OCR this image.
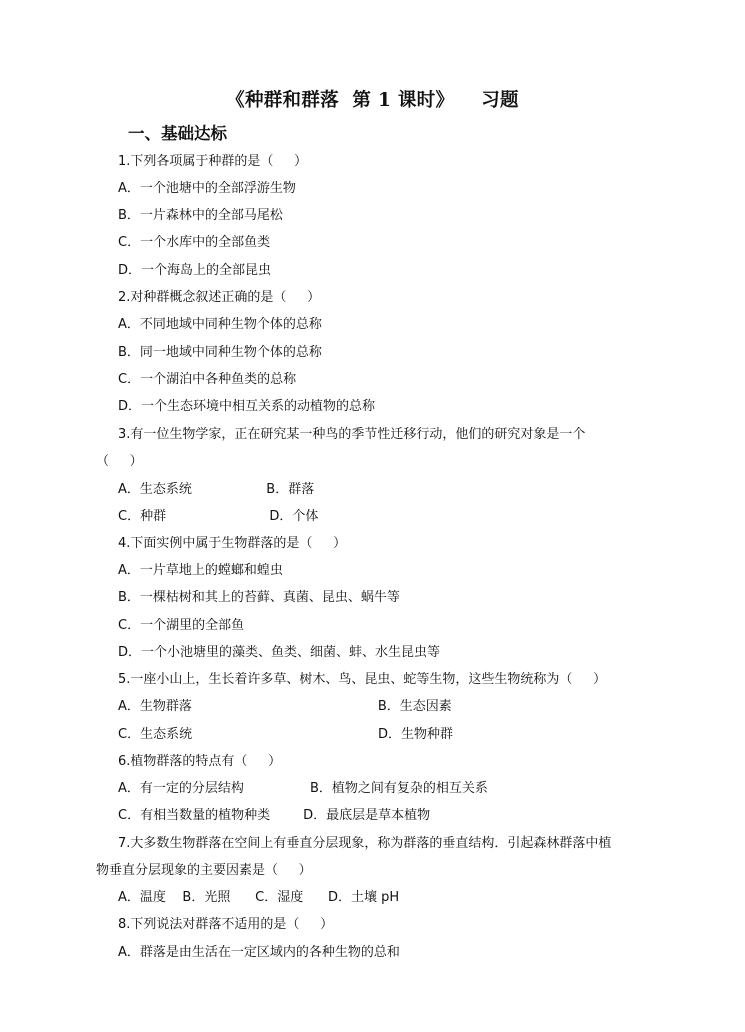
《种群和群落  第 1 课时》    习题
一、基础达标
1.下列各项属于种群的是（     ）
A．一个池塘中的全部浮游生物
B．一片森林中的全部马尾松
C．一个水库中的全部鱼类
D．一个海岛上的全部昆虫
2.对种群概念叙述正确的是（     ）
A．不同地域中同种生物个体的总称
B．同一地域中同种生物个体的总称
C．一个湖泊中各种鱼类的总称
D．一个生态环境中相互关系的动植物的总称
3.有一位生物学家，正在研究某一种鸟的季节性迁移行动，他们的研究对象是一个
（     ）
A．生态系统                  B．群落
C．种群                         D．个体
4.下面实例中属于生物群落的是（     ）
A．一片草地上的螳螂和蝗虫
B．一棵枯树和其上的苔藓、真菌、昆虫、蜗牛等
C．一个湖里的全部鱼
D．一个小池塘里的藻类、鱼类、细菌、蚌、水生昆虫等
5.一座小山上，生长着许多草、树木、鸟、昆虫、蛇等生物，这些生物统称为（     ）
A．生物群落                                             B．生态因素
C．生态系统                                             D．生物种群
6.植物群落的特点有（     ）
A．有一定的分层结构                B．植物之间有复杂的相互关系
C．有相当数量的植物种类        D．最底层是草本植物
7.大多数生物群落在空间上有垂直分层现象，称为群落的垂直结构．引起森林群落中植
物垂直分层现象的主要因素是（     ）
A．温度    B．光照      C．湿度      D．土壤 pH
8.下列说法对群落不适用的是（     ）
A．群落是由生活在一定区域内的各种生物的总和
